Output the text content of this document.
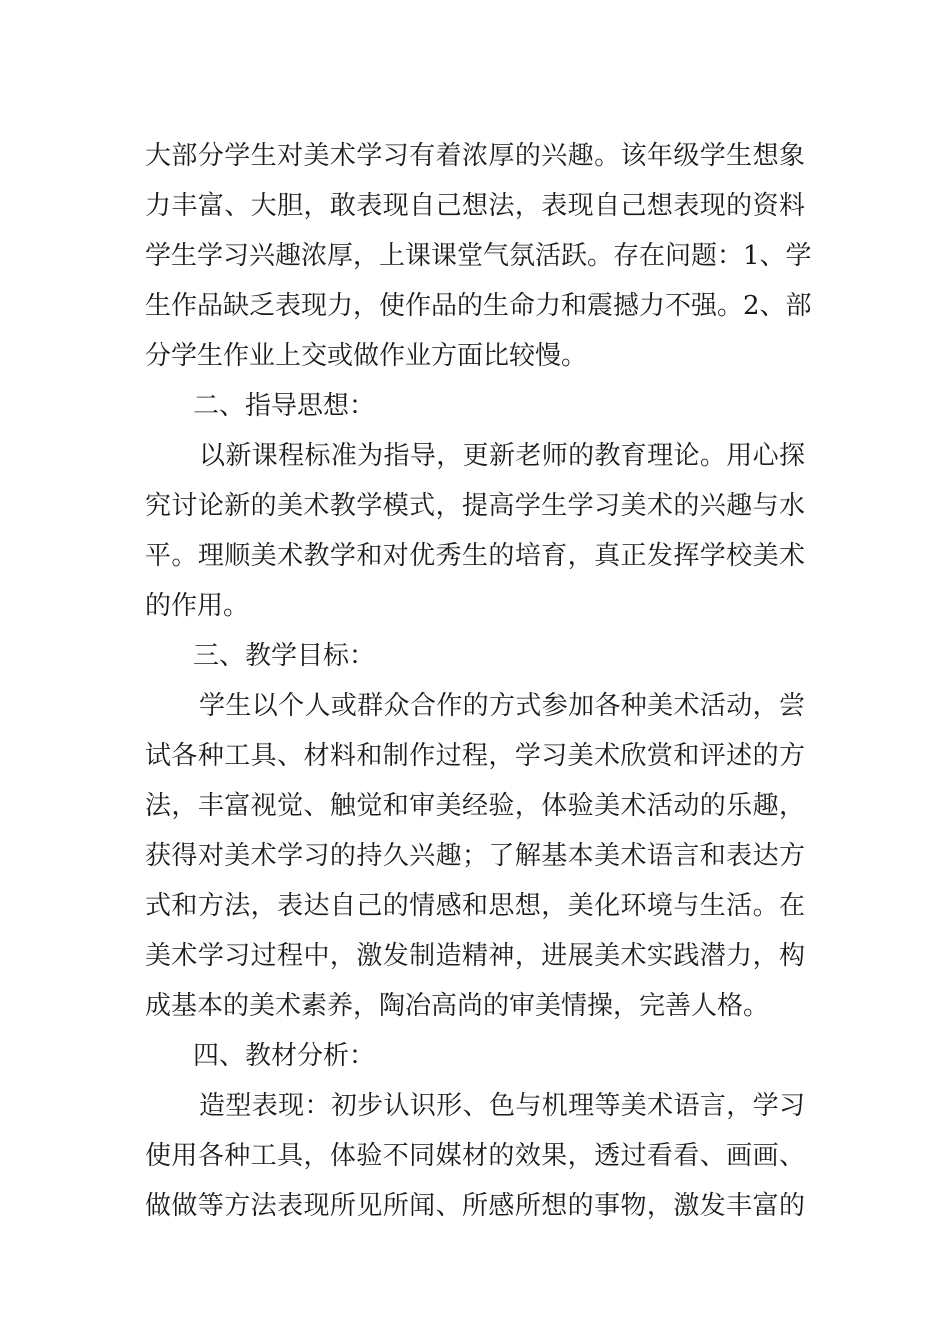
大部分学生对美术学习有着浓厚的兴趣。该年级学生想象
力丰富、大胆，敢表现自己想法，表现自己想表现的资料
学生学习兴趣浓厚，上课课堂气氛活跃。存在问题：1、学
生作品缺乏表现力，使作品的生命力和震撼力不强。2、部
分学生作业上交或做作业方面比较慢。
二、指导思想：
以新课程标准为指导，更新老师的教育理论。用心探
究讨论新的美术教学模式，提高学生学习美术的兴趣与水
平。理顺美术教学和对优秀生的培育，真正发挥学校美术
的作用。
三、教学目标：
学生以个人或群众合作的方式参加各种美术活动，尝
试各种工具、材料和制作过程，学习美术欣赏和评述的方
法，丰富视觉、触觉和审美经验，体验美术活动的乐趣，
获得对美术学习的持久兴趣；了解基本美术语言和表达方
式和方法，表达自己的情感和思想，美化环境与生活。在
美术学习过程中，激发制造精神，进展美术实践潜力，构
成基本的美术素养，陶冶高尚的审美情操，完善人格。
四、教材分析：
造型表现：初步认识形、色与机理等美术语言，学习
使用各种工具，体验不同媒材的效果，透过看看、画画、
做做等方法表现所见所闻、所感所想的事物，激发丰富的
